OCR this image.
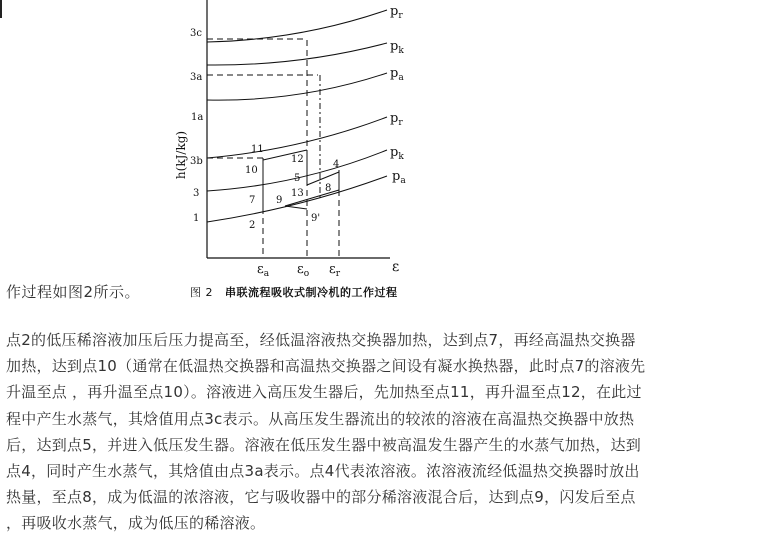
h(kJ/kg)
ε
3c
3a
1a
3b
3
1
$\varepsilon_a$ $\varepsilon_o$ $\varepsilon_r$
$p_r$
$p_k$
$p_a$
$p_r$
$p_k$
$p_a$
11
10
12
5
4
7 9
13 8
2
9'
作过程如图2所示。	图 2 串联流程吸收式制冷机的工作过程

点2的低压稀溶液加压后压力提高至，经低温溶液热交换器加热，达到点7，再经高温热交换器

加热，达到点10（通常在低温热交换器和高温热交换器之间设有凝水换热器，此时点7的溶液先

升温至点 ，再升温至点10）。溶液进入高压发生器后，先加热至点11，再升温至点12，在此过

程中产生水蒸气，其焓值用点3c表示。从高压发生器流出的较浓的溶液在高温热交换器中放热

后，达到点5，并进入低压发生器。溶液在低压发生器中被高温发生器产生的水蒸气加热，达到

点4，同时产生水蒸气，其焓值由点3a表示。点4代表浓溶液。浓溶液流经低温热交换器时放出

热量，至点8，成为低温的浓溶液，它与吸收器中的部分稀溶液混合后，达到点9，闪发后至点

，再吸收水蒸气，成为低压的稀溶液。
